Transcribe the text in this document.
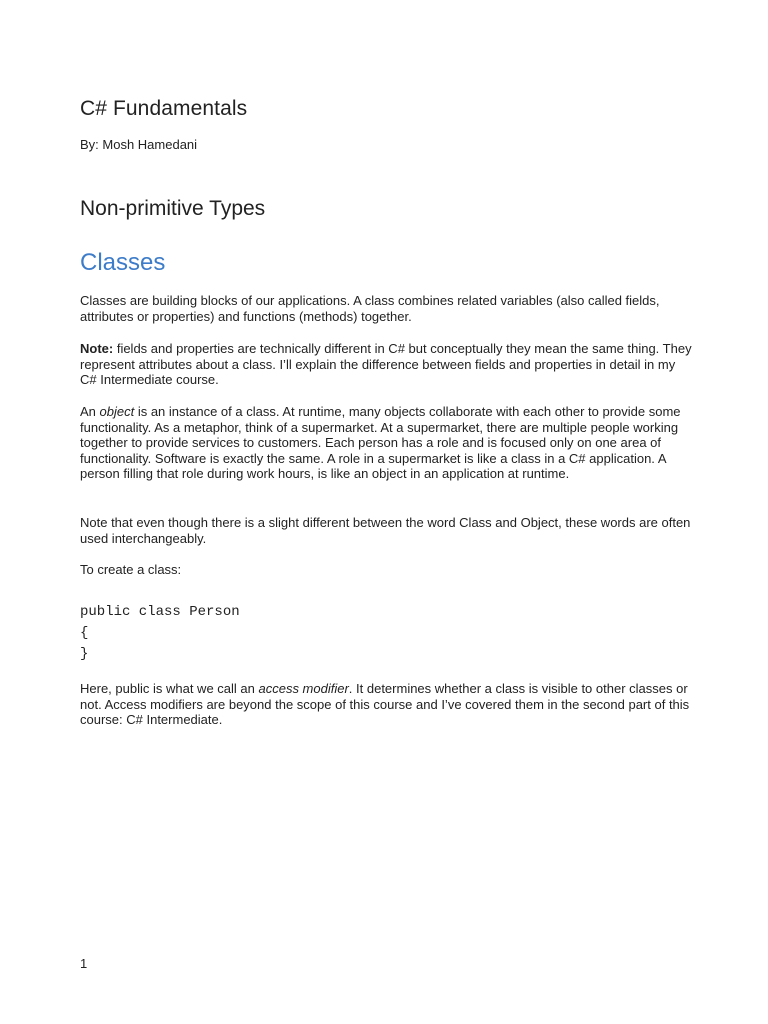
C# Fundamentals

By: Mosh Hamedani

Non-primitive Types
Classes

Classes are building blocks of our applications. A class combines related variables (also called fields, attributes or properties) and functions (methods) together.

Note: fields and properties are technically different in C# but conceptually they mean the same thing. They represent attributes about a class. I’ll explain the difference between fields and properties in detail in my C# Intermediate course.

An object is an instance of a class. At runtime, many objects collaborate with each other to provide some functionality. As a metaphor, think of a supermarket. At a supermarket, there are multiple people working together to provide services to customers. Each person has a role and is focused only on one area of functionality. Software is exactly the same. A role in a supermarket is like a class in a C# application. A person filling that role during work hours, is like an object in an application at runtime.

Note that even though there is a slight different between the word Class and Object, these words are often used interchangeably.

To create a class:

public class Person
{
}

Here, public is what we call an access modifier. It determines whether a class is visible to other classes or not. Access modifiers are beyond the scope of this course and I’ve covered them in the second part of this course: C# Intermediate.

1
